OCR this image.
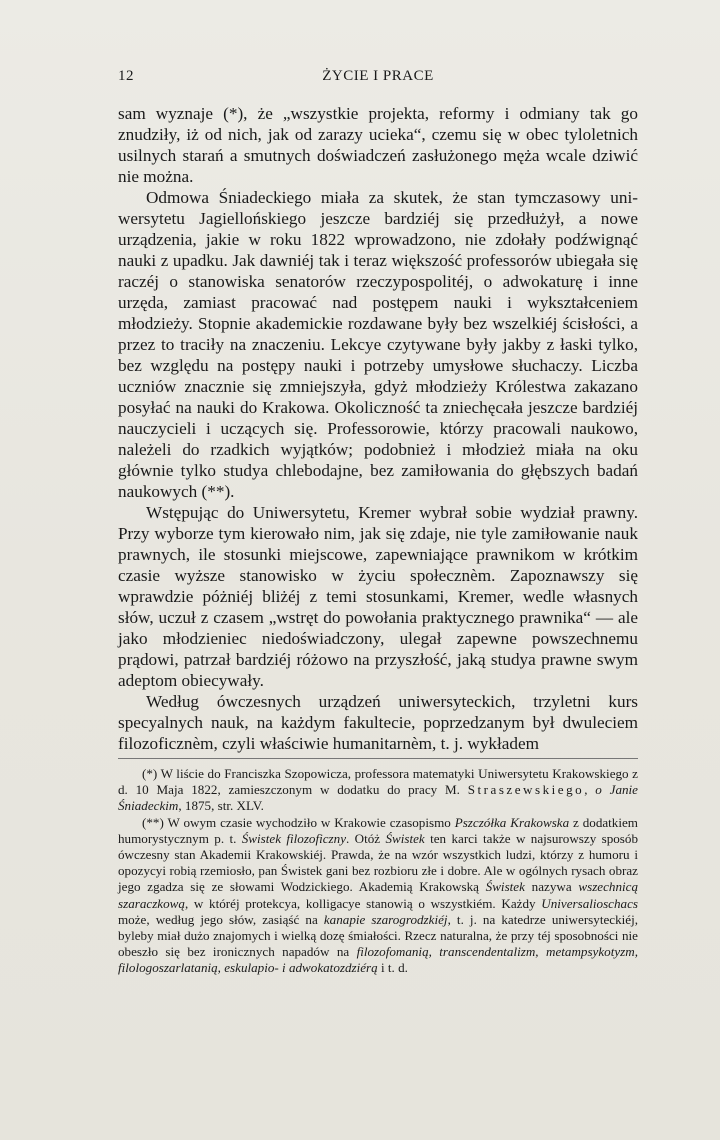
12	ŻYCIE I PRACE

sam wyznaje (*), że „wszystkie projekta, reformy i odmiany tak go znudziły, iż od nich, jak od zarazy ucieka“, czemu się w obec tyloletnich usilnych starań a smutnych doświadczeń zasłużonego męża wcale dziwić nie można.

Odmowa Śniadeckiego miała za skutek, że stan tymczasowy uniwersytetu Jagiellońskiego jeszcze bardziéj się przedłużył, a nowe urządzenia, jakie w roku 1822 wprowadzono, nie zdołały podźwignąć nauki z upadku. Jak dawniéj tak i teraz większość professorów ubiegała się raczéj o stanowiska senatorów rzeczypospolitéj, o adwokaturę i inne urzęda, zamiast pracować nad postępem nauki i wykształceniem młodzieży. Stopnie akademickie rozdawane były bez wszelkiéj ścisłości, a przez to traciły na znaczeniu. Lekcye czytywane były jakby z łaski tylko, bez względu na postępy nauki i potrzeby umysłowe słuchaczy. Liczba uczniów znacznie się zmniejszyła, gdyż młodzieży Królestwa zakazano posyłać na nauki do Krakowa. Okoliczność ta zniechęcała jeszcze bardziéj nauczycieli i uczących się. Professorowie, którzy pracowali naukowo, należeli do rzadkich wyjątków; podobnież i młodzież miała na oku głównie tylko studya chlebodajne, bez zamiłowania do głębszych badań naukowych (**).

Wstępując do Uniwersytetu, Kremer wybrał sobie wydział prawny. Przy wyborze tym kierowało nim, jak się zdaje, nie tyle zamiłowanie nauk prawnych, ile stosunki miejscowe, zapewniające prawnikom w krótkim czasie wyższe stanowisko w życiu społecznèm. Zapoznawszy się wprawdzie póżniéj bliżéj z temi stosunkami, Kremer, wedle własnych słów, uczuł z czasem „wstręt do powołania praktycznego prawnika“ — ale jako młodzieniec niedoświadczony, ulegał zapewne powszechnemu prądowi, patrzał bardziéj różowo na przyszłość, jaką studya prawne swym adeptom obiecywały.

Według ówczesnych urządzeń uniwersyteckich, trzyletni kurs specyalnych nauk, na każdym fakultecie, poprzedzanym był dwuleciem filozoficznèm, czyli właściwie humanitarnèm, t. j. wykładem

(*) W liście do Franciszka Szopowicza, professora matematyki Uniwersytetu Krakowskiego z d. 10 Maja 1822, zamieszczonym w dodatku do pracy M. Straszewskiego, o Janie Śniadeckim, 1875, str. XLV.

(**) W owym czasie wychodziło w Krakowie czasopismo Pszczółka Krakowska z dodatkiem humorystycznym p. t. Świstek filozoficzny. Otóż Świstek ten karci także w najsurowszy sposób ówczesny stan Akademii Krakowskiéj. Prawda, że na wzór wszystkich ludzi, którzy z humoru i opozycyi robią rzemiosło, pan Świstek gani bez rozbioru złe i dobre. Ale w ogólnych rysach obraz jego zgadza się ze słowami Wodzickiego. Akademią Krakowską Świstek nazywa wszechnicą szaraczkową, w któréj protekcya, kolligacye stanowią o wszystkiém. Każdy Universalioschacs może, według jego słów, zasiąść na kanapie szarogrodzkiéj, t. j. na katedrze uniwersyteckiéj, byleby miał dużo znajomych i wielką dozę śmiałości. Rzecz naturalna, że przy téj sposobności nie obeszło się bez ironicznych napadów na filozofomanią, transcendentalizm, metampsykotyzm, filologoszarlatanią, eskulapio- i adwokatozdziérą i t. d.
